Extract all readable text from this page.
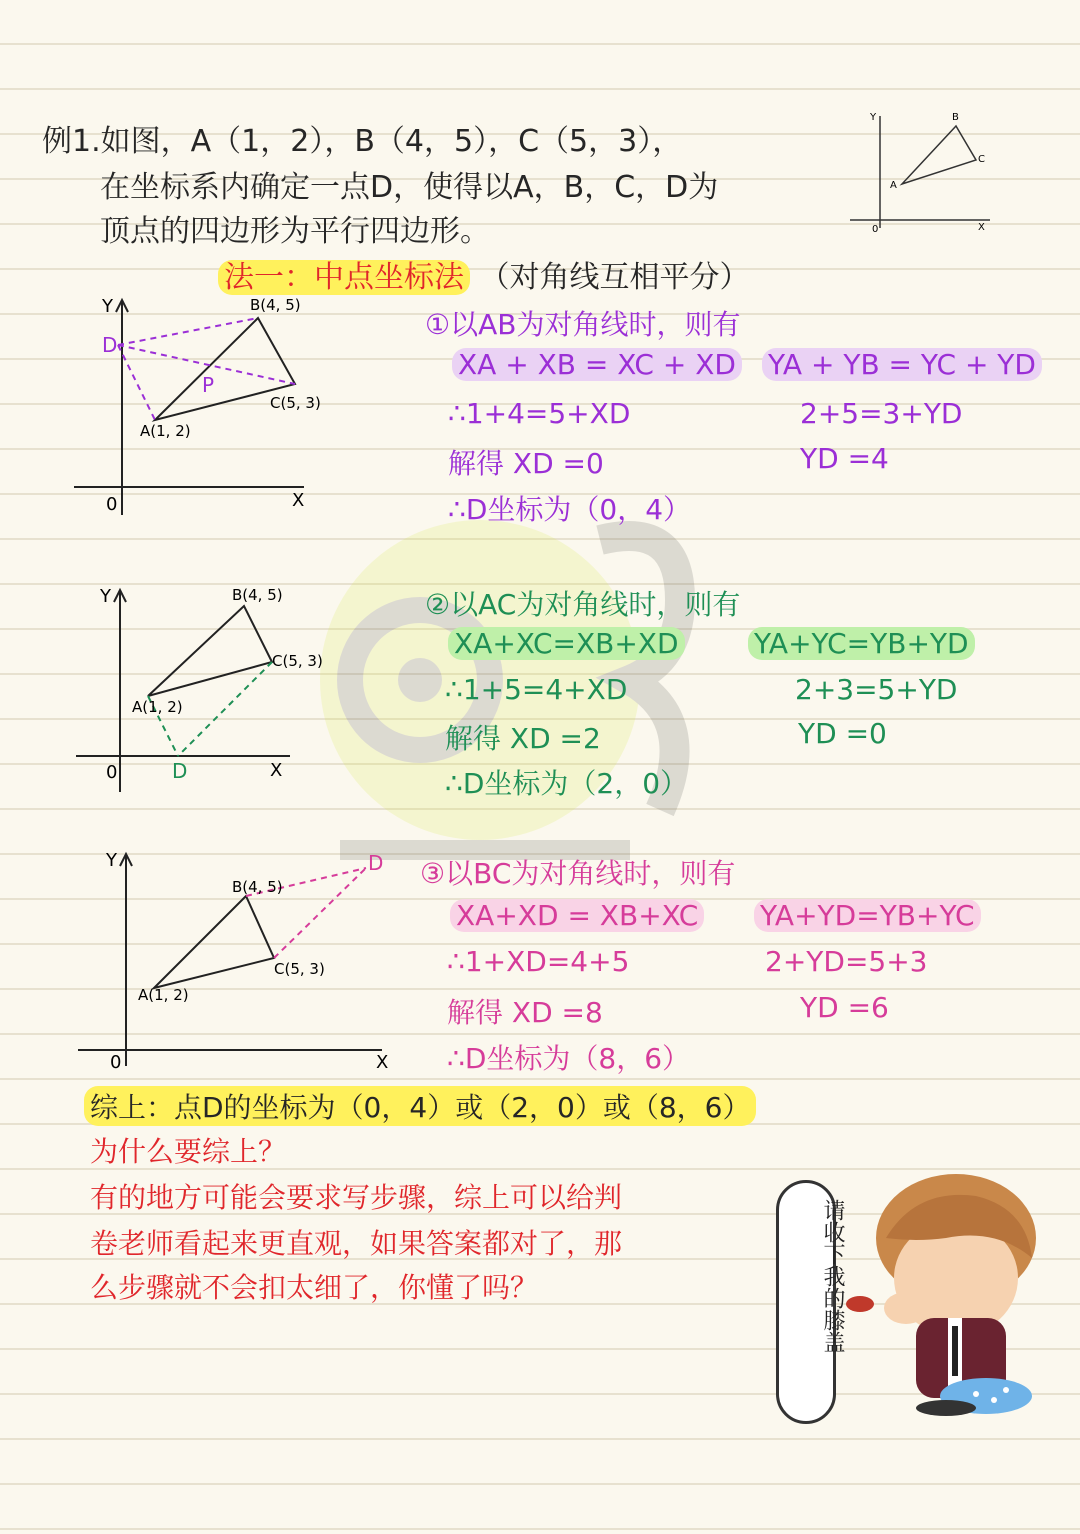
例1.如图，A（1，2），B（4，5），C（5，3），
在坐标系内确定一点D，使得以A，B，C，D为
顶点的四边形为平行四边形。
Y
X
0
A
B
C
法一：中点坐标法 （对角线互相平分）
Y
X
0
B(4, 5)
C(5, 3)
A(1, 2)
D
P
①以AB为对角线时，则有
XA + XB = XC + XD YA + YB = YC + YD
∴1+4=5+XD	2+5=3+YD
解得 XD =0	YD =4
∴D坐标为（0，4）
Y
X
0
B(4, 5)
C(5, 3)
A(1, 2)
D
②以AC为对角线时，则有
XA+XC=XB+XD	YA+YC=YB+YD
∴1+5=4+XD	2+3=5+YD
解得 XD =2	YD =0
∴D坐标为（2，0）
Y
X
0
B(4, 5)
C(5, 3)
A(1, 2)
D ③以BC为对角线时，则有
XA+XD = XB+XC YA+YD=YB+YC
∴1+XD=4+5	2+YD=5+3
解得 XD =8	YD =6
∴D坐标为（8，6）
综上：点D的坐标为（0，4）或（2，0）或（8，6）
为什么要综上？
有的地方可能会要求写步骤，综上可以给判
卷老师看起来更直观，如果答案都对了，那
么步骤就不会扣太细了，你懂了吗？	请收下我的膝盖
